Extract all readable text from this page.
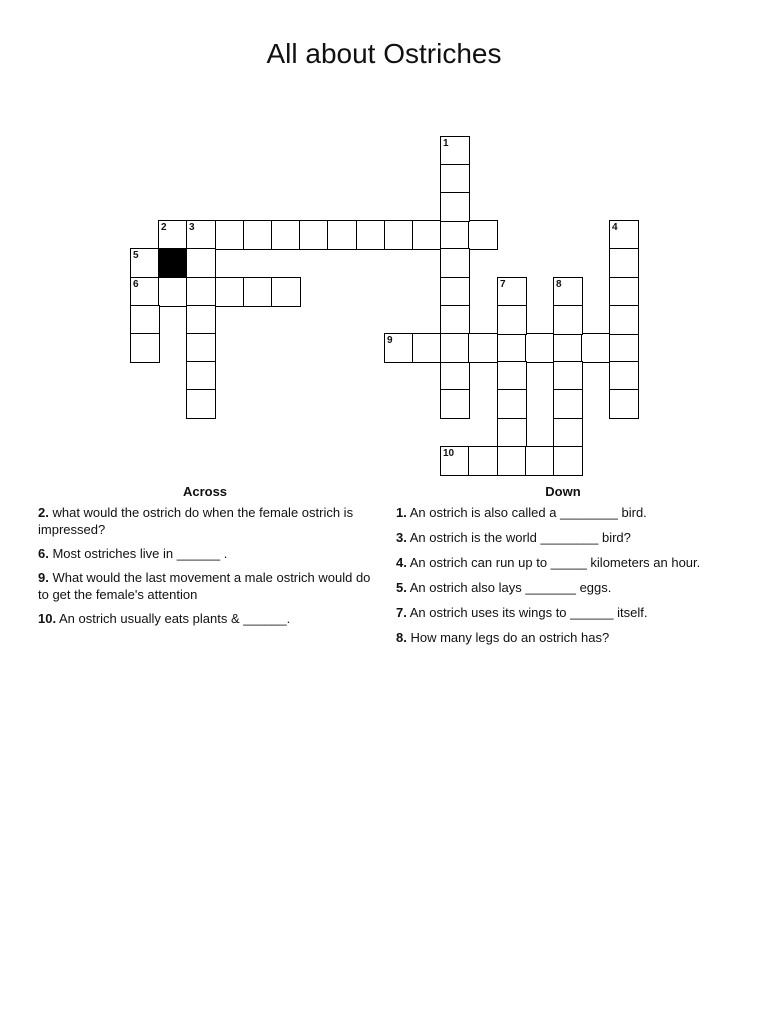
All about Ostriches
2 3
5
6
1
9
7	8
4
10
Across
2. what would the ostrich do when the female ostrich is impressed?
6. Most ostriches live in ______ .
9. What would the last movement a male ostrich would do to get the female's attention
10. An ostrich usually eats plants & ______.
Down
1. An ostrich is also called a ________ bird.
3. An ostrich is the world ________ bird?
4. An ostrich can run up to _____ kilometers an hour.
5. An ostrich also lays _______ eggs.
7. An ostrich uses its wings to ______ itself.
8. How many legs do an ostrich has?
